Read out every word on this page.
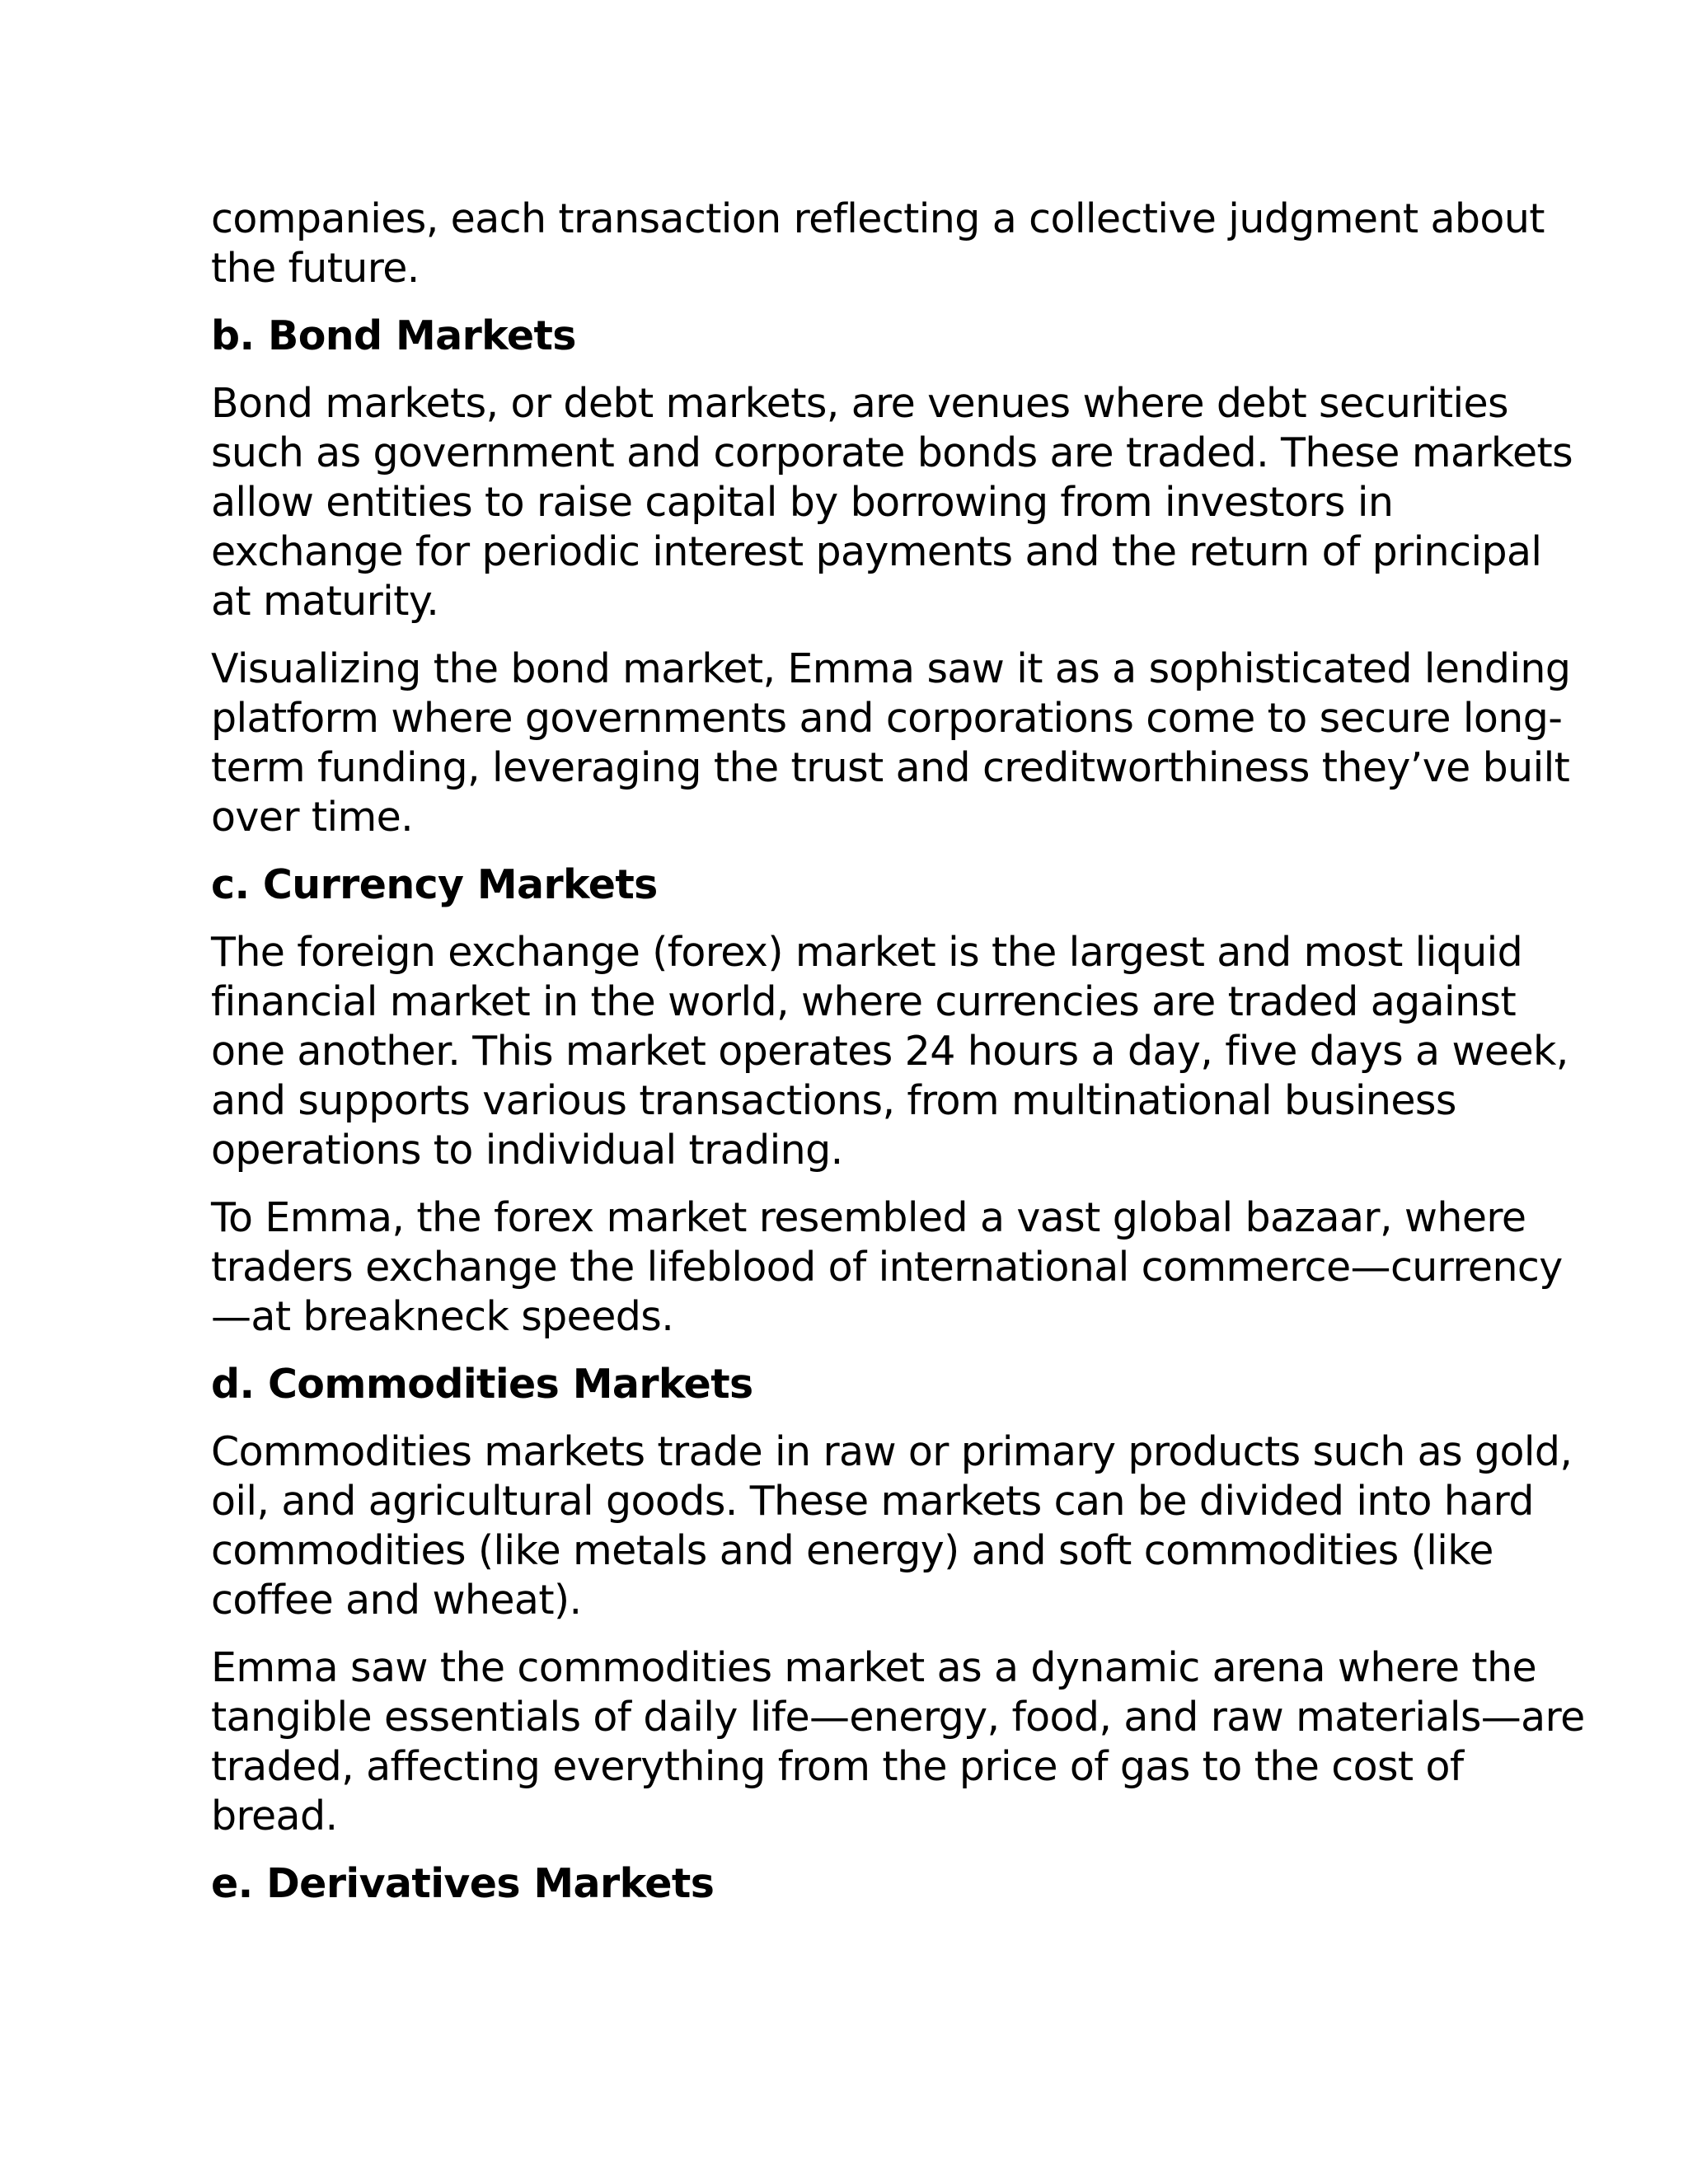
companies, each transaction reflecting a collective judgment about
the future.

b. Bond Markets

Bond markets, or debt markets, are venues where debt securities
such as government and corporate bonds are traded. These markets
allow entities to raise capital by borrowing from investors in
exchange for periodic interest payments and the return of principal
at maturity.

Visualizing the bond market, Emma saw it as a sophisticated lending
platform where governments and corporations come to secure long-
term funding, leveraging the trust and creditworthiness they’ve built
over time.

c. Currency Markets

The foreign exchange (forex) market is the largest and most liquid
financial market in the world, where currencies are traded against
one another. This market operates 24 hours a day, five days a week,
and supports various transactions, from multinational business
operations to individual trading.

To Emma, the forex market resembled a vast global bazaar, where
traders exchange the lifeblood of international commerce—currency
—at breakneck speeds.

d. Commodities Markets

Commodities markets trade in raw or primary products such as gold,
oil, and agricultural goods. These markets can be divided into hard
commodities (like metals and energy) and soft commodities (like
coffee and wheat).

Emma saw the commodities market as a dynamic arena where the
tangible essentials of daily life—energy, food, and raw materials—are
traded, affecting everything from the price of gas to the cost of
bread.

e. Derivatives Markets
